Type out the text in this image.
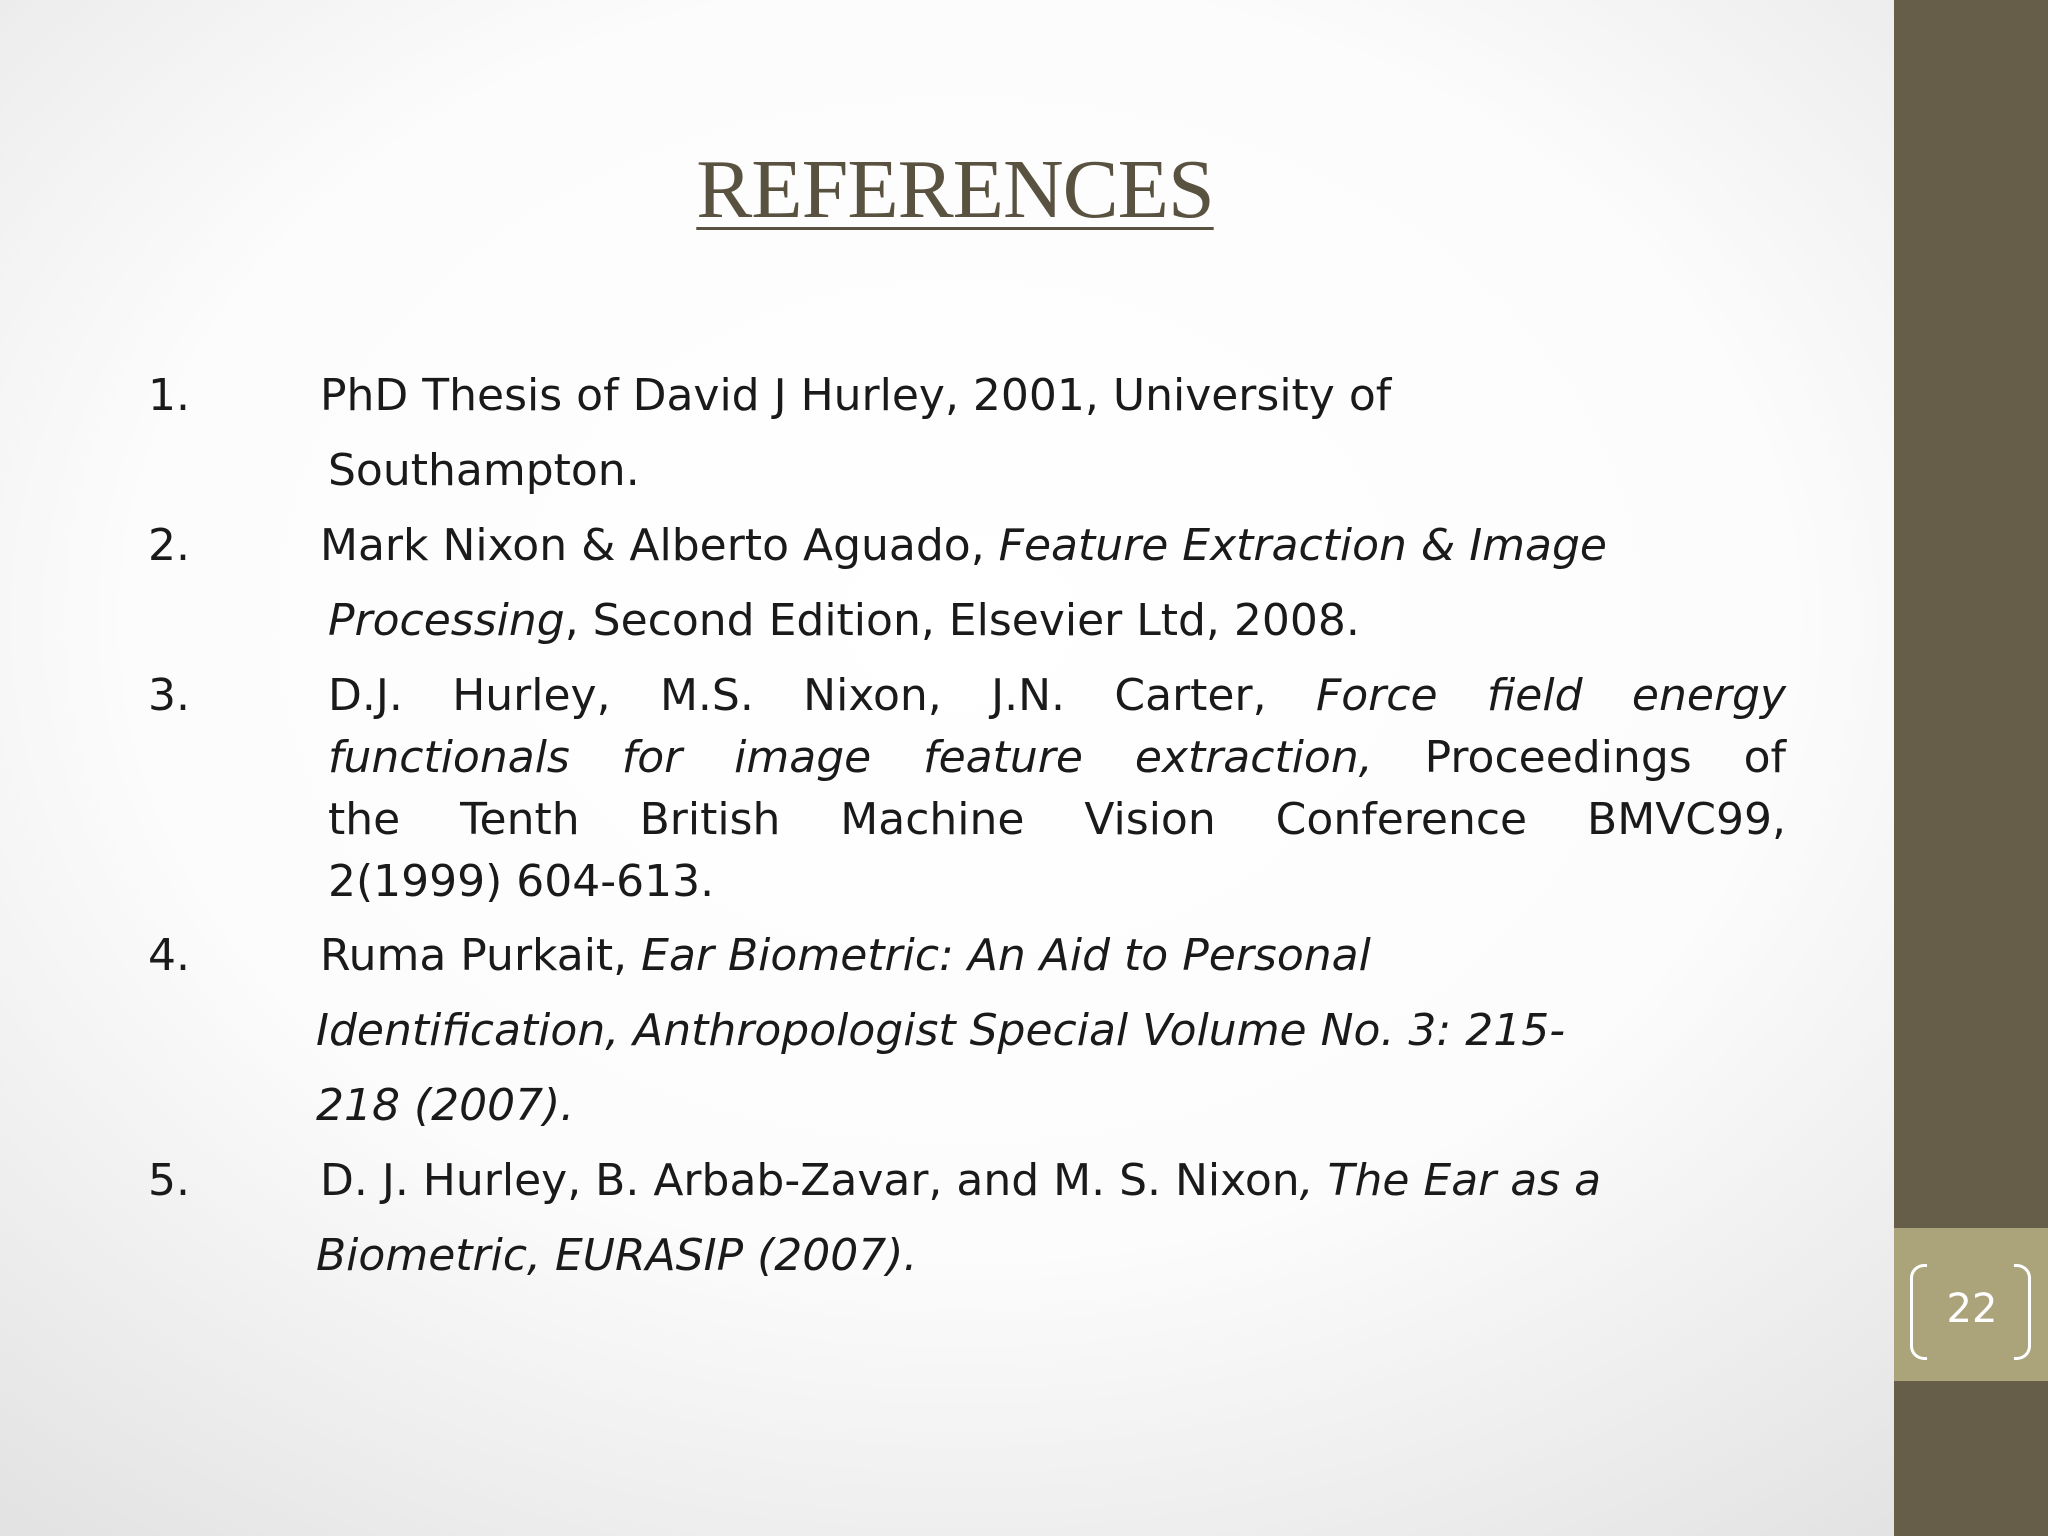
22
REFERENCES
1.	PhD Thesis of David J Hurley, 2001, University of
Southampton.
2.	Mark Nixon & Alberto Aguado, Feature Extraction & Image
Processing, Second Edition, Elsevier Ltd, 2008.
3.	D.J. Hurley, M.S. Nixon, J.N. Carter, Force field energy
functionals for image feature extraction, Proceedings of
the Tenth British Machine Vision Conference BMVC99,
2(1999) 604-613.
4.	Ruma Purkait, Ear Biometric: An Aid to Personal
Identification, Anthropologist Special Volume No. 3: 215-
218 (2007).
5.	D. J. Hurley, B. Arbab-Zavar, and M. S. Nixon, The Ear as a
Biometric, EURASIP (2007).
